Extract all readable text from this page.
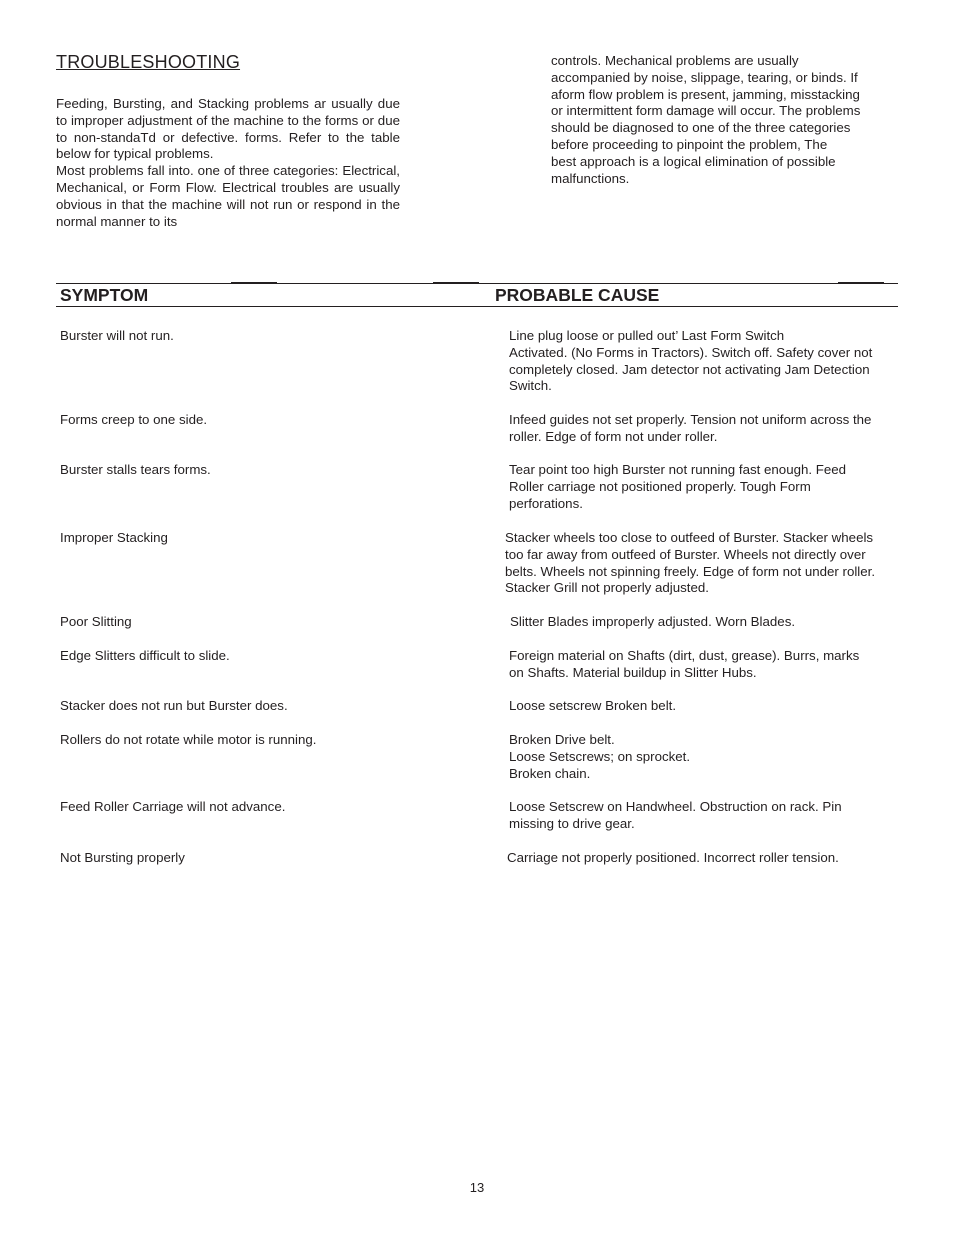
TROUBLESHOOTING

Feeding, Bursting, and Stacking problems ar usually due to improper adjustment of the machine to the forms or due to non-standaTd or defective. forms. Refer to the table below for typical problems.

Most problems fall into. one of three categories: Electrical, Mechanical, or Form Flow. Electrical troubles are usually obvious in that the machine will not run or respond in the normal manner to its

controls. Mechanical problems are usually
accompanied by noise, slippage, tearing, or binds. If
aform flow problem is present, jamming, misstacking
or intermittent form damage will occur. The problems
should be diagnosed to one of the three categories
before proceeding to pinpoint the problem, The
best approach is a logical elimination of possible
malfunctions.
SYMPTOM	PROBABLE CAUSE
Burster will not run.	Line plug loose or pulled out’ Last Form Switch
Activated. (No Forms in Tractors). Switch off. Safety cover not
completely closed. Jam detector not activating Jam Detection
Switch.
Forms creep to one side.	Infeed guides not set properly. Tension not uniform across the
roller. Edge of form not under roller.
Burster stalls tears forms.	Tear point too high Burster not running fast enough. Feed
Roller carriage not positioned properly. Tough Form
perforations.
Improper Stacking	Stacker wheels too close to outfeed of Burster. Stacker wheels
too far away from outfeed of Burster. Wheels not directly over
belts. Wheels not spinning freely. Edge of form not under roller.
Stacker Grill not properly adjusted.
Poor Slitting	Slitter Blades improperly adjusted. Worn Blades.
Edge Slitters difficult to slide.	Foreign material on Shafts (dirt, dust, grease). Burrs, marks
on Shafts. Material buildup in Slitter Hubs.
Stacker does not run but Burster does.	Loose setscrew Broken belt.
Rollers do not rotate while motor is running.	Broken Drive belt.
Loose Setscrews; on sprocket.
Broken chain.
Feed Roller Carriage will not advance.	Loose Setscrew on Handwheel. Obstruction on rack. Pin
missing to drive gear.
Not Bursting properly	Carriage not properly positioned. Incorrect roller tension.
13
